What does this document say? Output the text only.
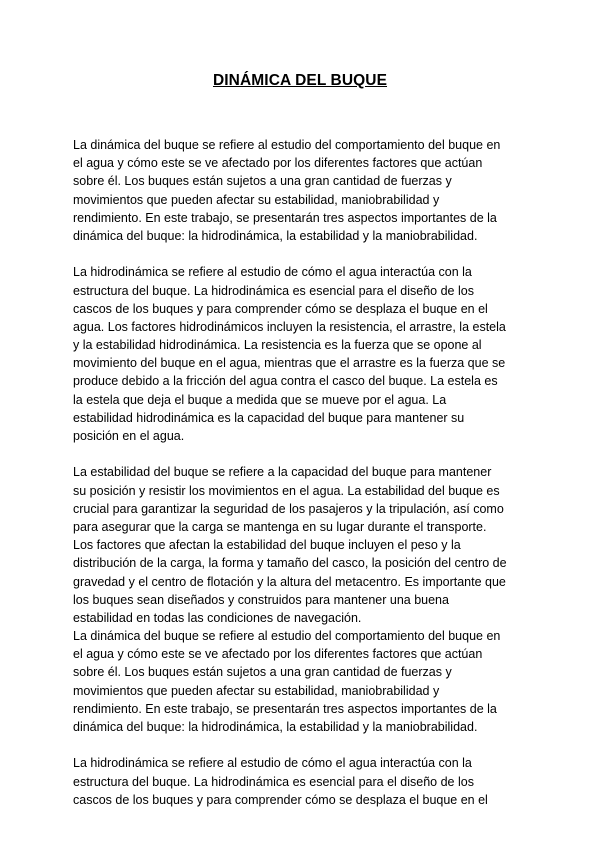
DINÁMICA DEL BUQUE
La dinámica del buque se refiere al estudio del comportamiento del buque en
el agua y cómo este se ve afectado por los diferentes factores que actúan
sobre él. Los buques están sujetos a una gran cantidad de fuerzas y
movimientos que pueden afectar su estabilidad, maniobrabilidad y
rendimiento. En este trabajo, se presentarán tres aspectos importantes de la
dinámica del buque: la hidrodinámica, la estabilidad y la maniobrabilidad.
La hidrodinámica se refiere al estudio de cómo el agua interactúa con la
estructura del buque. La hidrodinámica es esencial para el diseño de los
cascos de los buques y para comprender cómo se desplaza el buque en el
agua. Los factores hidrodinámicos incluyen la resistencia, el arrastre, la estela
y la estabilidad hidrodinámica. La resistencia es la fuerza que se opone al
movimiento del buque en el agua, mientras que el arrastre es la fuerza que se
produce debido a la fricción del agua contra el casco del buque. La estela es
la estela que deja el buque a medida que se mueve por el agua. La
estabilidad hidrodinámica es la capacidad del buque para mantener su
posición en el agua.
La estabilidad del buque se refiere a la capacidad del buque para mantener
su posición y resistir los movimientos en el agua. La estabilidad del buque es
crucial para garantizar la seguridad de los pasajeros y la tripulación, así como
para asegurar que la carga se mantenga en su lugar durante el transporte.
Los factores que afectan la estabilidad del buque incluyen el peso y la
distribución de la carga, la forma y tamaño del casco, la posición del centro de
gravedad y el centro de flotación y la altura del metacentro. Es importante que
los buques sean diseñados y construidos para mantener una buena
estabilidad en todas las condiciones de navegación.
La dinámica del buque se refiere al estudio del comportamiento del buque en
el agua y cómo este se ve afectado por los diferentes factores que actúan
sobre él. Los buques están sujetos a una gran cantidad de fuerzas y
movimientos que pueden afectar su estabilidad, maniobrabilidad y
rendimiento. En este trabajo, se presentarán tres aspectos importantes de la
dinámica del buque: la hidrodinámica, la estabilidad y la maniobrabilidad.
La hidrodinámica se refiere al estudio de cómo el agua interactúa con la
estructura del buque. La hidrodinámica es esencial para el diseño de los
cascos de los buques y para comprender cómo se desplaza el buque en el
